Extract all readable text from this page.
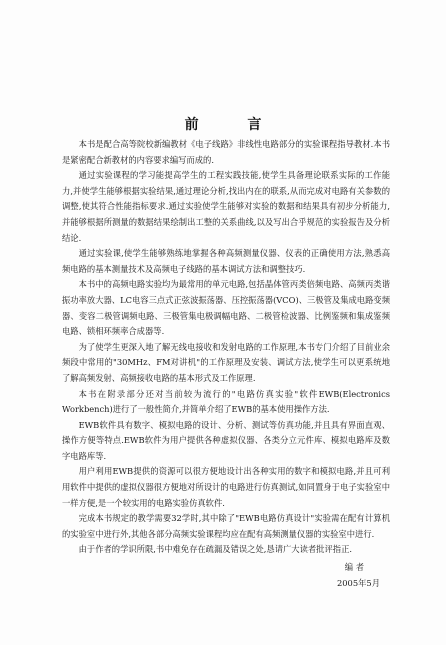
前 言

本书是配合高等院校新编教材《电子线路》非线性电路部分的实验课程指导教材.本书是紧密配合新教材的内容要求编写而成的.

通过实验课程的学习能提高学生的工程实践技能,使学生具备理论联系实际的工作能力,并使学生能够根据实验结果,通过理论分析,找出内在的联系,从而完成对电路有关参数的调整,使其符合性能指标要求.通过实验使学生能够对实验的数据和结果具有初步分析能力,并能够根据所测量的数据结果绘制出工整的关系曲线,以及写出合乎规范的实验报告及分析结论.

通过实验课,使学生能够熟练地掌握各种高频测量仪器、仪表的正确使用方法,熟悉高频电路的基本测量技术及高频电子线路的基本调试方法和调整技巧.

本书中的高频电路实验均为最常用的单元电路,包括晶体管丙类倍频电路、高频丙类谐振功率放大器、LC电容三点式正弦波振荡器、压控振荡器(VCO)、三极管及集成电路变频器、变容二极管调频电路、三极管集电极调幅电路、二极管检波器、比例鉴频和集成鉴频电路、锁相环频率合成器等.

为了使学生更深入地了解无线电接收和发射电路的工作原理,本书专门介绍了目前业余频段中常用的"30MHz、FM对讲机"的工作原理及安装、调试方法,使学生可以更系统地了解高频发射、高频接收电路的基本形式及工作原理.

本书在附录部分还对当前较为流行的"电路仿真实验"软件EWB(Electronics Workbench)进行了一般性简介,并简单介绍了EWB的基本使用操作方法.

EWB软件具有数字、模拟电路的设计、分析、测试等仿真功能,并且具有界面直观、操作方便等特点.EWB软件为用户提供各种虚拟仪器、各类分立元件库、模拟电路库及数字电路库等.

用户利用EWB提供的资源可以很方便地设计出各种实用的数字和模拟电路,并且可利用软件中提供的虚拟仪器很方便地对所设计的电路进行仿真测试,如同置身于电子实验室中一样方便,是一个较实用的电路实验仿真软件.

完成本书规定的教学需要32学时,其中除了"EWB电路仿真设计"实验需在配有计算机的实验室中进行外,其他各部分高频实验课程均应在配有高频测量仪器的实验室中进行.

由于作者的学识所限,书中难免存在疏漏及错误之处,恳请广大读者批评指正.

编 者
2005年5月
